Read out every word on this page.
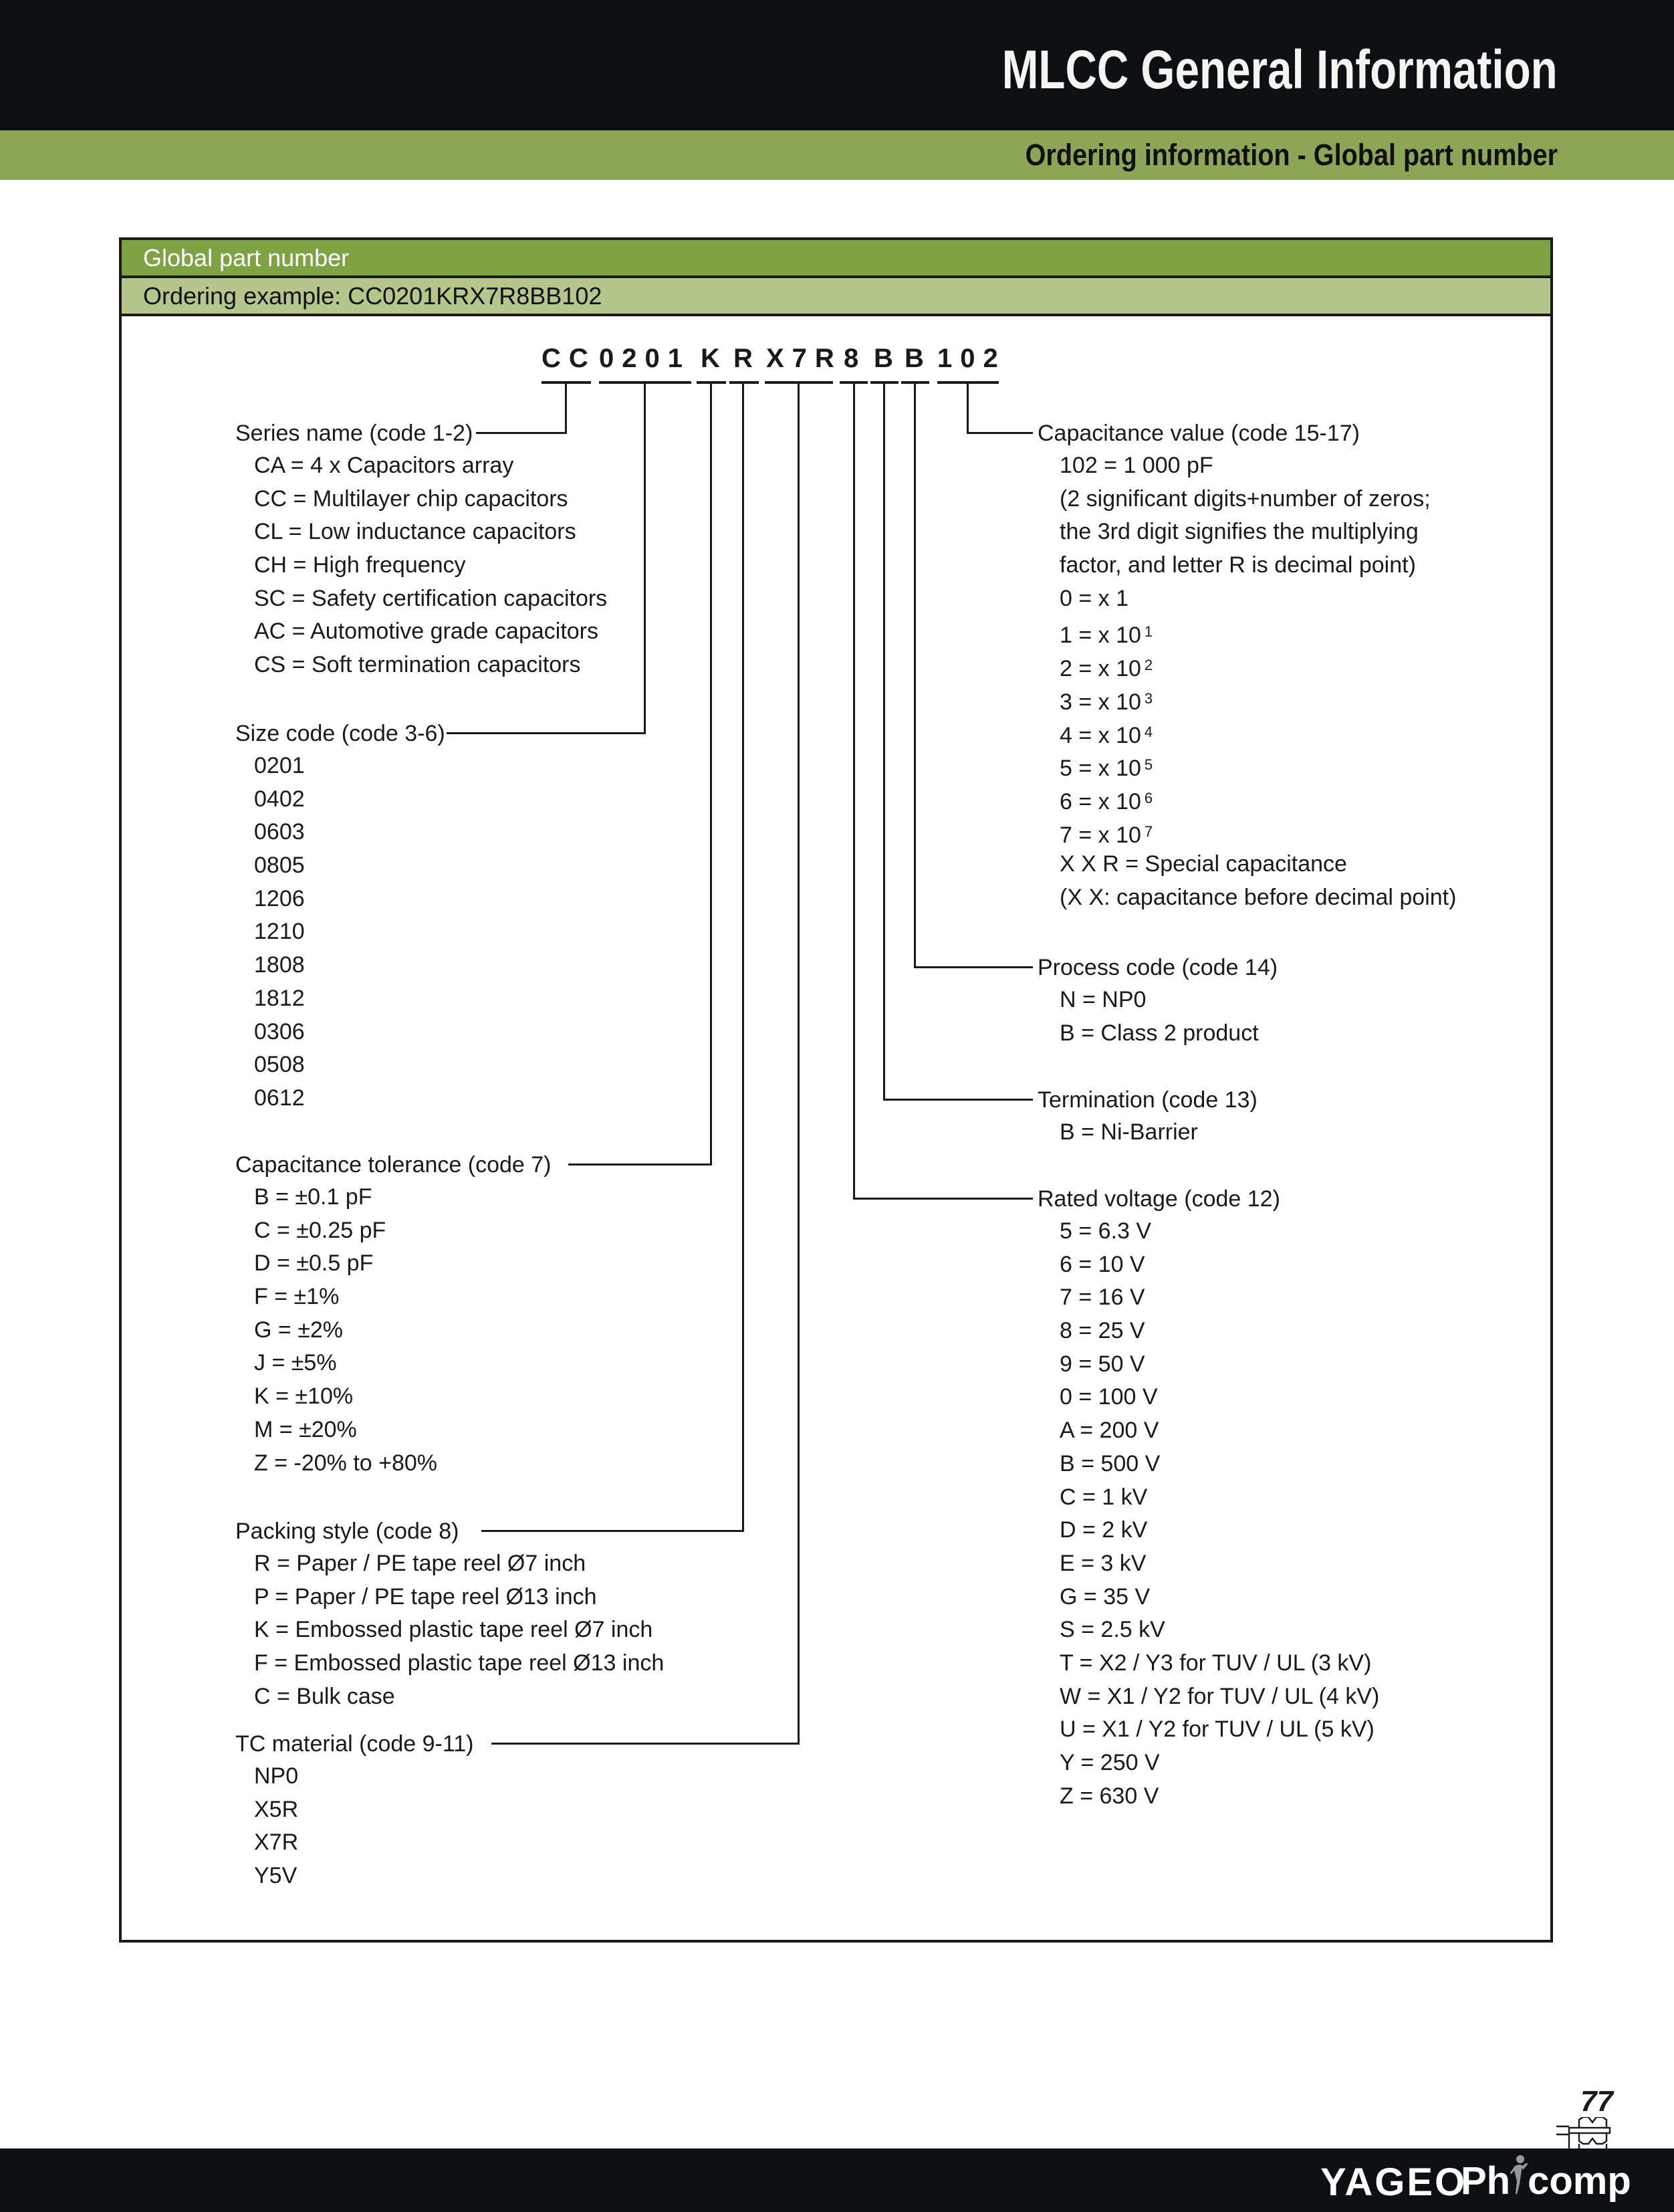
MLCC General Information
Ordering information - Global part number
Global part number
Ordering example: CC0201KRX7R8BB102
CC 0201 K R X7R 8 B B 102
Series name (code 1-2)
CA = 4 x Capacitors array
CC = Multilayer chip capacitors
CL = Low inductance capacitors
CH = High frequency
SC = Safety certification capacitors
AC = Automotive grade capacitors
CS = Soft termination capacitors
Size code (code 3-6)
0201
0402
0603
0805
1206
1210
1808
1812
0306
0508
0612
Capacitance tolerance (code 7)
B = ±0.1 pF
C = ±0.25 pF
D = ±0.5 pF
F = ±1%
G = ±2%
J = ±5%
K = ±10%
M = ±20%
Z = -20% to +80%
Packing style (code 8)
R = Paper / PE tape reel Ø7 inch
P = Paper / PE tape reel Ø13 inch
K = Embossed plastic tape reel Ø7 inch
F = Embossed plastic tape reel Ø13 inch
C = Bulk case
TC material (code 9-11)
NP0
X5R
X7R
Y5V
Capacitance value (code 15-17)
102 = 1 000 pF
(2 significant digits+number of zeros;
the 3rd digit signifies the multiplying
factor, and letter R is decimal point)
0 = x 1
1 = x 10 $^1$
2 = x 10 $^2$
3 = x 10 $^3$
4 = x 10 $^4$
5 = x 10 $^5$
6 = x 10 $^6$
7 = x 10 $^7$
X X R = Special capacitance
(X X: capacitance before decimal point)
Process code (code 14)
N = NP0
B = Class 2 product
Termination (code 13)
B = Ni-Barrier
Rated voltage (code 12)
5 = 6.3 V
6 = 10 V
7 = 16 V
8 = 25 V
9 = 50 V
0 = 100 V
A = 200 V
B = 500 V
C = 1 kV
D = 2 kV
E = 3 kV
G = 35 V
S = 2.5 kV
T = X2 / Y3 for TUV / UL (3 kV)
W = X1 / Y2 for TUV / UL (4 kV)
U = X1 / Y2 for TUV / UL (5 kV)
Y = 250 V
Z = 630 V
77
YAGEO
Ph comp
